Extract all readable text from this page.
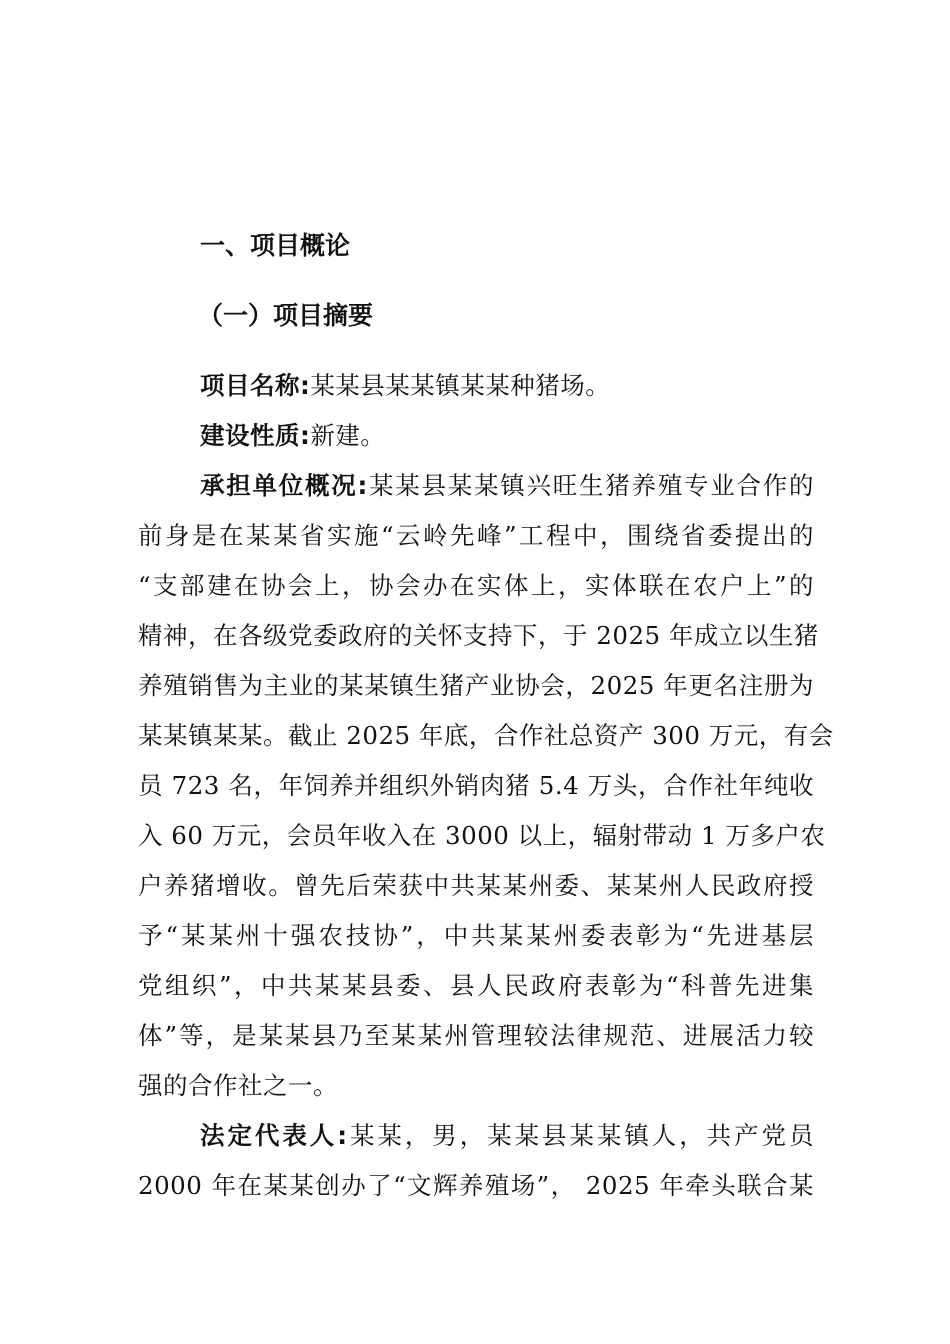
一、项目概论
（一）项目摘要
项目名称:某某县某某镇某某种猪场。
建设性质:新建。
承担单位概况:某某县某某镇兴旺生猪养殖专业合作的
前身是在某某省实施“云岭先峰”工程中，围绕省委提出的
“支部建在协会上，协会办在实体上，实体联在农户上”的
精神，在各级党委政府的关怀支持下，于 2025 年成立以生猪
养殖销售为主业的某某镇生猪产业协会，2025 年更名注册为
某某镇某某。截止 2025 年底，合作社总资产 300 万元，有会
员 723 名，年饲养并组织外销肉猪 5.4 万头，合作社年纯收
入 60 万元，会员年收入在 3000 以上，辐射带动 1 万多户农
户养猪增收。曾先后荣获中共某某州委、某某州人民政府授
予“某某州十强农技协”，中共某某州委表彰为“先进基层
党组织”，中共某某县委、县人民政府表彰为“科普先进集
体”等，是某某县乃至某某州管理较法律规范、进展活力较
强的合作社之一。
法定代表人:某某，男，某某县某某镇人，共产党员
2000 年在某某创办了“文辉养殖场”， 2025 年牵头联合某
